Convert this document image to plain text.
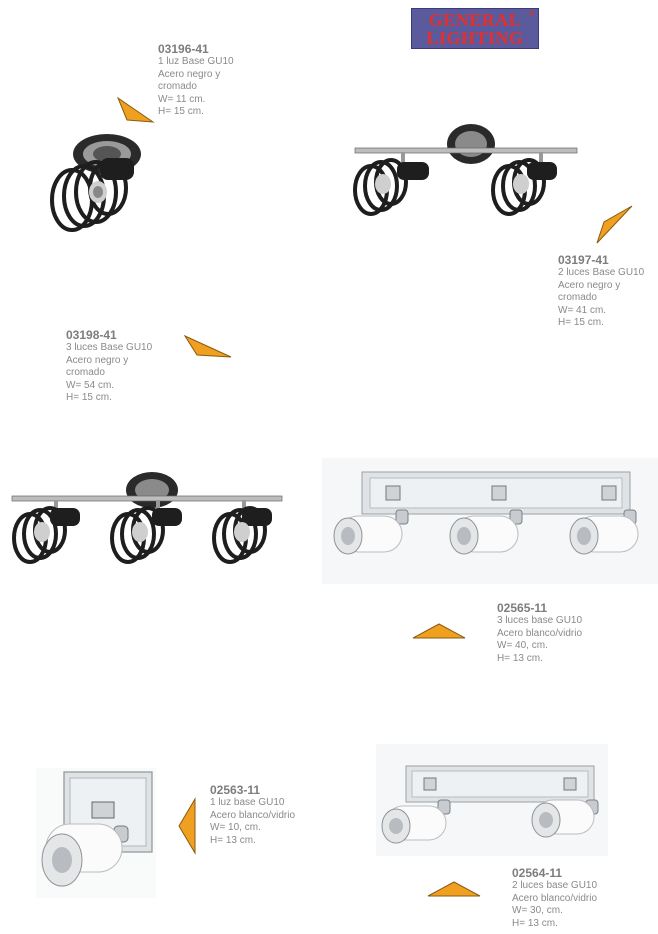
GENERAL
LIGHTING
®
03196-41
1 luz Base GU10
Acero negro y
cromado
W= 11 cm.
H= 15 cm.
03197-41
2 luces Base GU10
Acero negro y
cromado
W= 41 cm.
H= 15 cm.
03198-41
3 luces Base GU10
Acero negro y
cromado
W= 54 cm.
H= 15 cm.
02565-11
3 luces base GU10
Acero blanco/vidrio
W= 40, cm.
H= 13 cm.
02563-11
1 luz base GU10
Acero blanco/vidrio
W= 10, cm.
H= 13 cm.
02564-11
2 luces base GU10
Acero blanco/vidrio
W= 30, cm.
H= 13 cm.
